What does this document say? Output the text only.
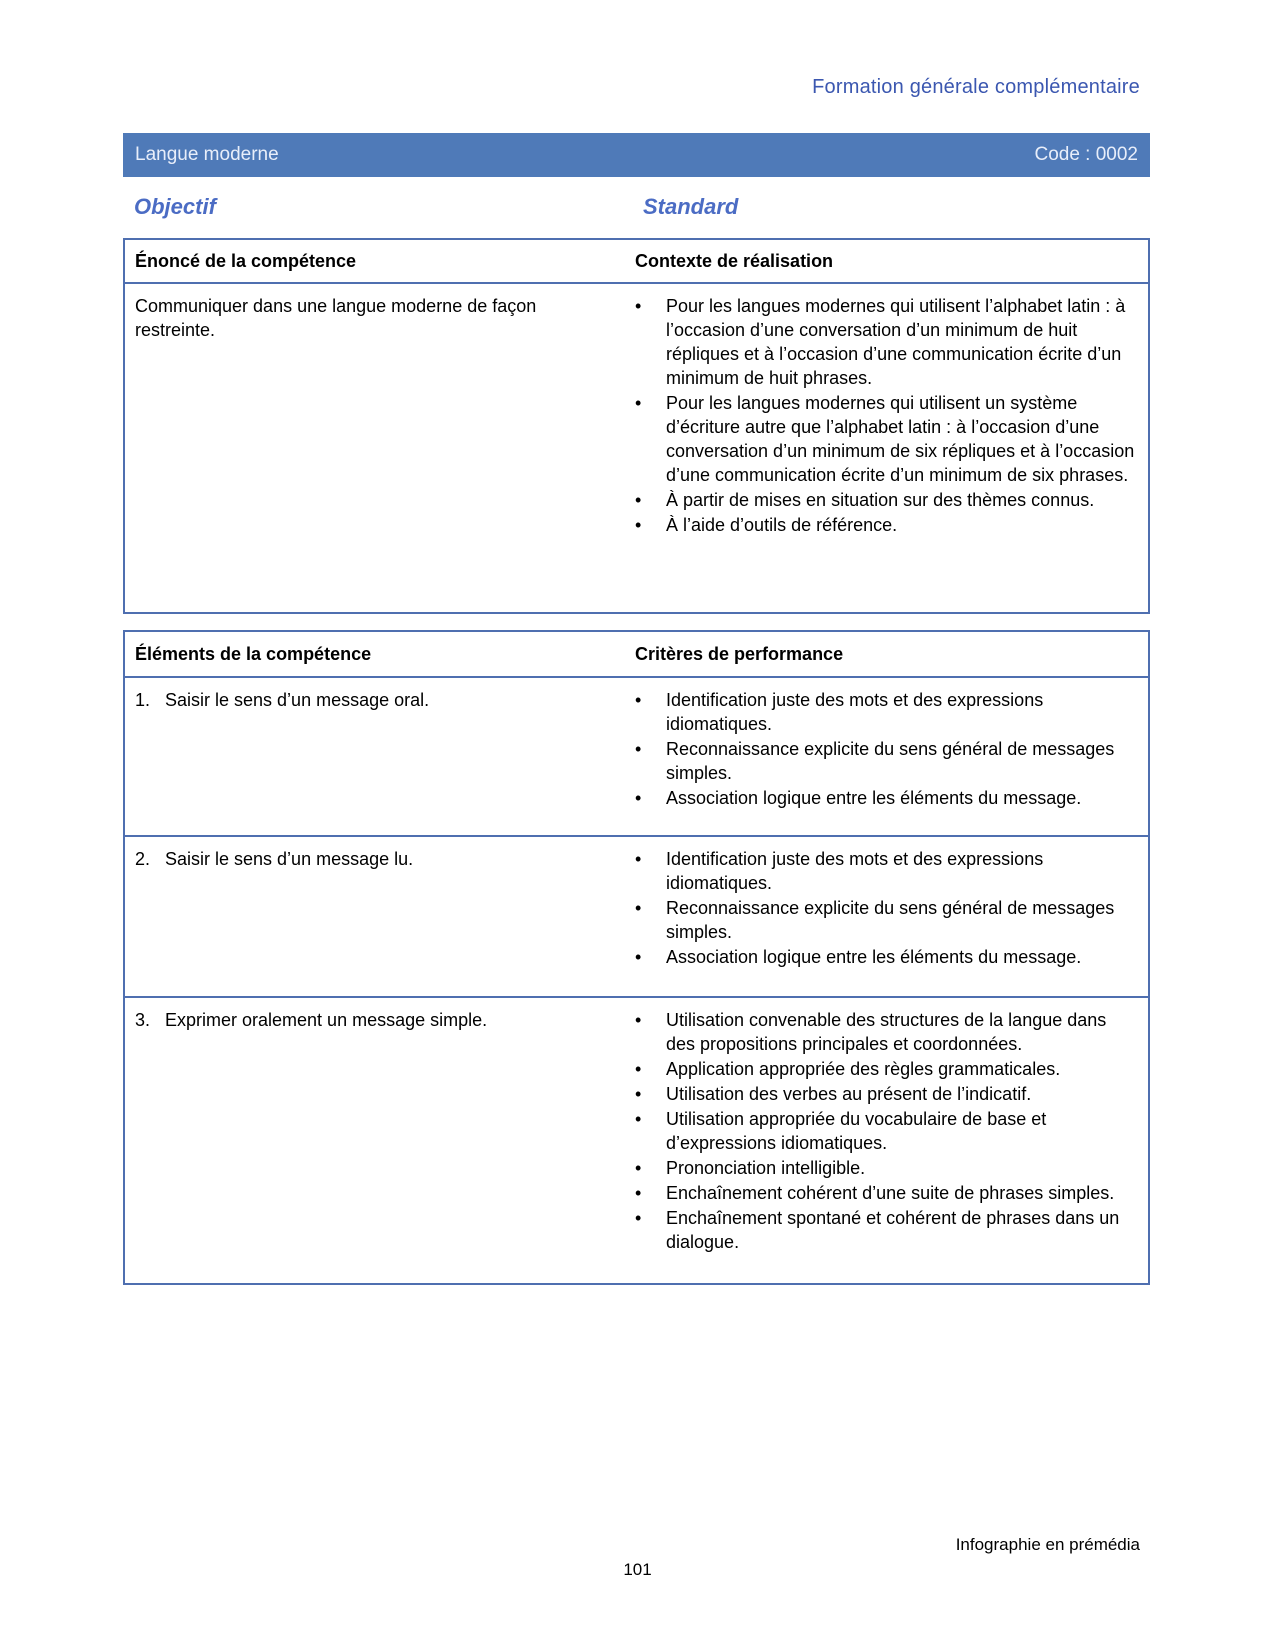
Formation générale complémentaire
Langue moderne	Code : 0002
Objectif	Standard
Énoncé de la compétence	Contexte de réalisation
Communiquer dans une langue moderne de façon restreinte.
• Pour les langues modernes qui utilisent l’alphabet latin : à l’occasion d’une conversation d’un minimum de huit répliques et à l’occasion d’une communication écrite d’un minimum de huit phrases.
• Pour les langues modernes qui utilisent un système d’écriture autre que l’alphabet latin : à l’occasion d’une conversation d’un minimum de six répliques et à l’occasion d’une communication écrite d’un minimum de six phrases.
• À partir de mises en situation sur des thèmes connus.
• À l’aide d’outils de référence.
Éléments de la compétence	Critères de performance
1. Saisir le sens d’un message oral.	• Identification juste des mots et des expressions idiomatiques.
• Reconnaissance explicite du sens général de messages simples.
• Association logique entre les éléments du message.
2. Saisir le sens d’un message lu.	• Identification juste des mots et des expressions idiomatiques.
• Reconnaissance explicite du sens général de messages simples.
• Association logique entre les éléments du message.
3. Exprimer oralement un message simple.	• Utilisation convenable des structures de la langue dans des propositions principales et coordonnées.
• Application appropriée des règles grammaticales.
• Utilisation des verbes au présent de l’indicatif.
• Utilisation appropriée du vocabulaire de base et d’expressions idiomatiques.
• Prononciation intelligible.
• Enchaînement cohérent d’une suite de phrases simples.
• Enchaînement spontané et cohérent de phrases dans un dialogue.
Infographie en prémédia
101
